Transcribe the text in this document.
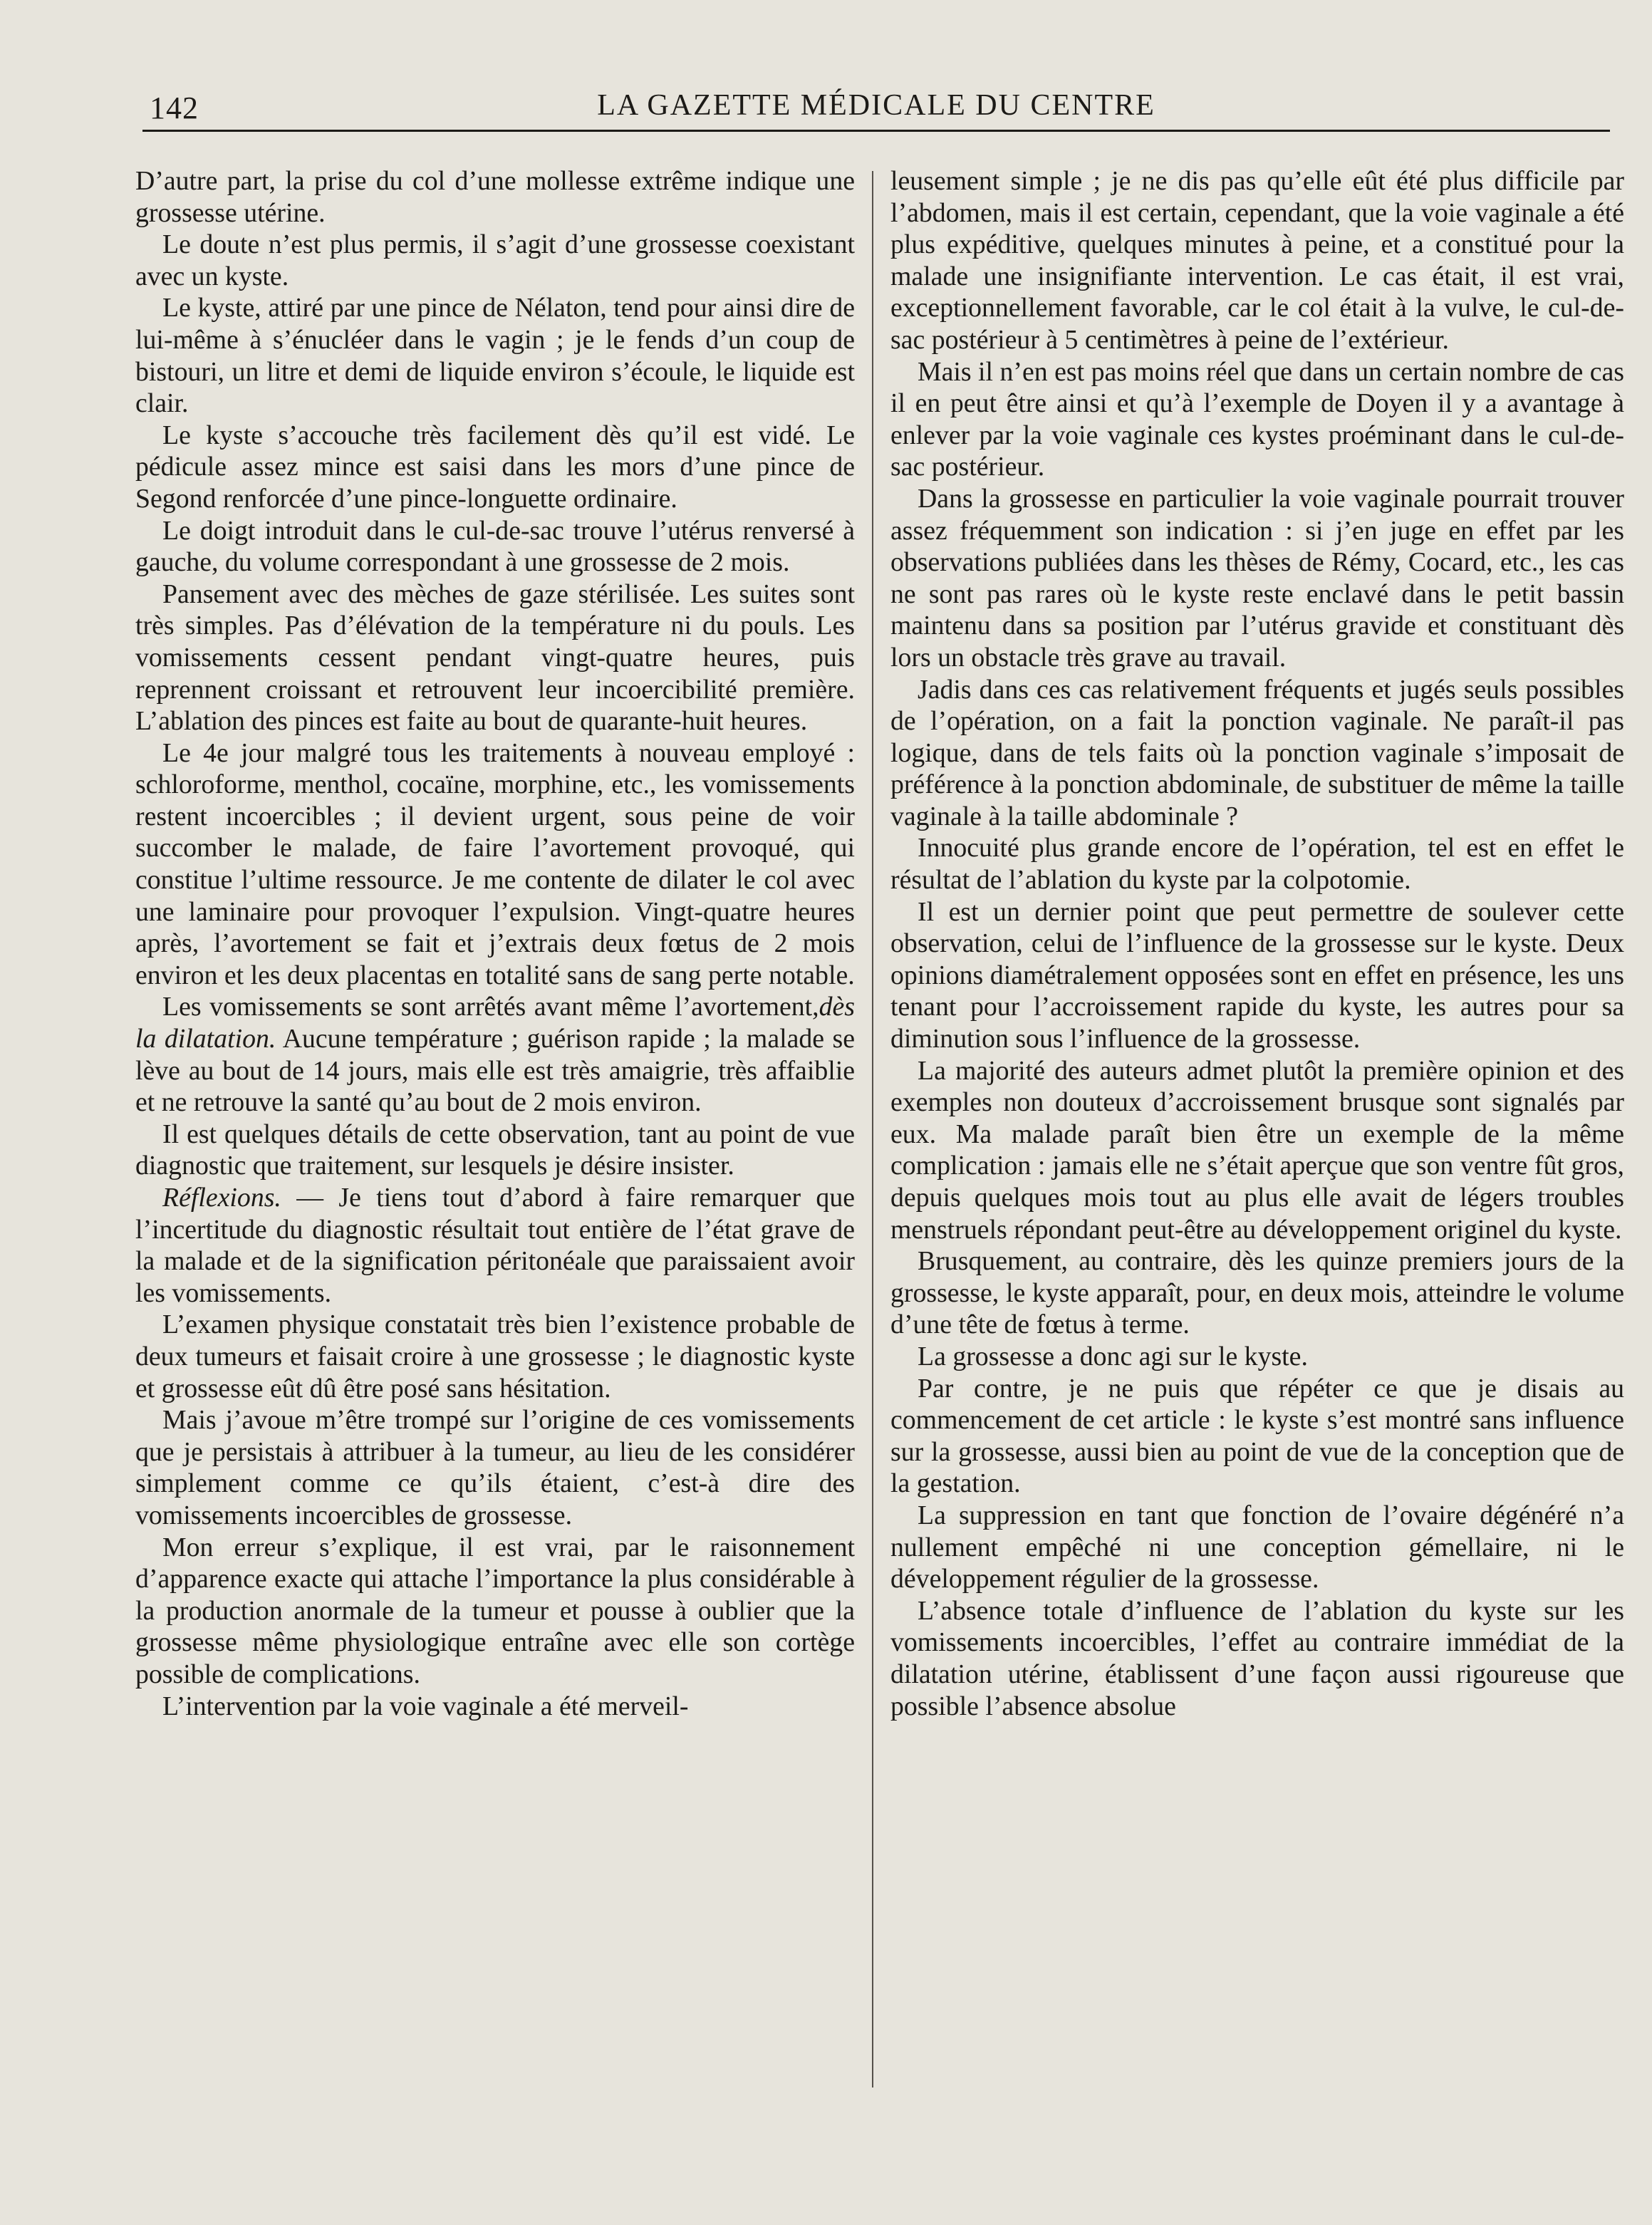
142	LA GAZETTE MÉDICALE DU CENTRE

D’autre part, la prise du col d’une mollesse extrême indique une grossesse utérine.

Le doute n’est plus permis, il s’agit d’une grossesse coexistant avec un kyste.

Le kyste, attiré par une pince de Nélaton, tend pour ainsi dire de lui-même à s’énucléer dans le vagin ; je le fends d’un coup de bistouri, un litre et demi de liquide environ s’écoule, le liquide est clair.

Le kyste s’accouche très facilement dès qu’il est vidé. Le pédicule assez mince est saisi dans les mors d’une pince de Segond renforcée d’une pince-longuette ordinaire.

Le doigt introduit dans le cul-de-sac trouve l’utérus renversé à gauche, du volume correspondant à une grossesse de 2 mois.

Pansement avec des mèches de gaze stérilisée. Les suites sont très simples. Pas d’élévation de la température ni du pouls. Les vomissements cessent pendant vingt-quatre heures, puis reprennent croissant et retrouvent leur incoercibilité première. L’ablation des pinces est faite au bout de quarante-huit heures.

Le 4e jour malgré tous les traitements à nouveau employé : schloroforme, menthol, cocaïne, morphine, etc., les vomissements restent incoercibles ; il devient urgent, sous peine de voir succomber le malade, de faire l’avortement provoqué, qui constitue l’ultime ressource. Je me contente de dilater le col avec une laminaire pour provoquer l’expulsion. Vingt-quatre heures après, l’avortement se fait et j’extrais deux fœtus de 2 mois environ et les deux placentas en totalité sans de sang perte notable.

Les vomissements se sont arrêtés avant même l’avortement,dès la dilatation. Aucune température ; guérison rapide ; la malade se lève au bout de 14 jours, mais elle est très amaigrie, très affaiblie et ne retrouve la santé qu’au bout de 2 mois environ.

Il est quelques détails de cette observation, tant au point de vue diagnostic que traitement, sur lesquels je désire insister.

Réflexions. — Je tiens tout d’abord à faire remarquer que l’incertitude du diagnostic résultait tout entière de l’état grave de la malade et de la signification péritonéale que paraissaient avoir les vomissements.

L’examen physique constatait très bien l’existence probable de deux tumeurs et faisait croire à une grossesse ; le diagnostic kyste et grossesse eût dû être posé sans hésitation.

Mais j’avoue m’être trompé sur l’origine de ces vomissements que je persistais à attribuer à la tumeur, au lieu de les considérer simplement comme ce qu’ils étaient, c’est-à dire des vomissements incoercibles de grossesse.

Mon erreur s’explique, il est vrai, par le raisonnement d’apparence exacte qui attache l’importance la plus considérable à la production anormale de la tumeur et pousse à oublier que la grossesse même physiologique entraîne avec elle son cortège possible de complications.

L’intervention par la voie vaginale a été merveil-

leusement simple ; je ne dis pas qu’elle eût été plus difficile par l’abdomen, mais il est certain, cependant, que la voie vaginale a été plus expéditive, quelques minutes à peine, et a constitué pour la malade une insignifiante intervention. Le cas était, il est vrai, exceptionnellement favorable, car le col était à la vulve, le cul-de-sac postérieur à 5 centimètres à peine de l’extérieur.

Mais il n’en est pas moins réel que dans un certain nombre de cas il en peut être ainsi et qu’à l’exemple de Doyen il y a avantage à enlever par la voie vaginale ces kystes proéminant dans le cul-de-sac postérieur.

Dans la grossesse en particulier la voie vaginale pourrait trouver assez fréquemment son indication : si j’en juge en effet par les observations publiées dans les thèses de Rémy, Cocard, etc., les cas ne sont pas rares où le kyste reste enclavé dans le petit bassin maintenu dans sa position par l’utérus gravide et constituant dès lors un obstacle très grave au travail.

Jadis dans ces cas relativement fréquents et jugés seuls possibles de l’opération, on a fait la ponction vaginale. Ne paraît-il pas logique, dans de tels faits où la ponction vaginale s’imposait de préférence à la ponction abdominale, de substituer de même la taille vaginale à la taille abdominale ?

Innocuité plus grande encore de l’opération, tel est en effet le résultat de l’ablation du kyste par la colpotomie.

Il est un dernier point que peut permettre de soulever cette observation, celui de l’influence de la grossesse sur le kyste. Deux opinions diamétralement opposées sont en effet en présence, les uns tenant pour l’accroissement rapide du kyste, les autres pour sa diminution sous l’influence de la grossesse.

La majorité des auteurs admet plutôt la première opinion et des exemples non douteux d’accroissement brusque sont signalés par eux. Ma malade paraît bien être un exemple de la même complication : jamais elle ne s’était aperçue que son ventre fût gros, depuis quelques mois tout au plus elle avait de légers troubles menstruels répondant peut-être au développement originel du kyste.

Brusquement, au contraire, dès les quinze premiers jours de la grossesse, le kyste apparaît, pour, en deux mois, atteindre le volume d’une tête de fœtus à terme.

La grossesse a donc agi sur le kyste.

Par contre, je ne puis que répéter ce que je disais au commencement de cet article : le kyste s’est montré sans influence sur la grossesse, aussi bien au point de vue de la conception que de la gestation.

La suppression en tant que fonction de l’ovaire dégénéré n’a nullement empêché ni une conception gémellaire, ni le développement régulier de la grossesse.

L’absence totale d’influence de l’ablation du kyste sur les vomissements incoercibles, l’effet au contraire immédiat de la dilatation utérine, établissent d’une façon aussi rigoureuse que possible l’absence absolue
